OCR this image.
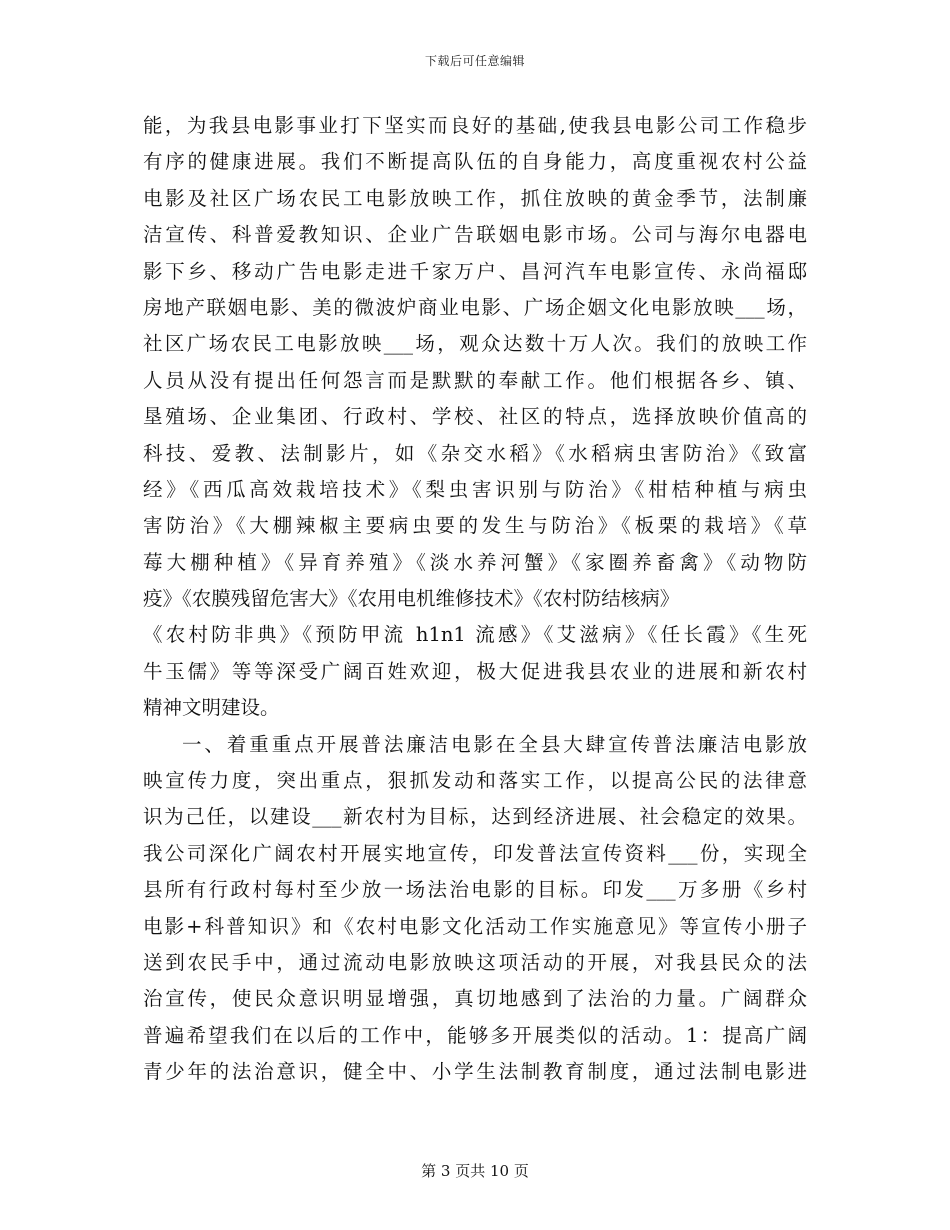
下载后可任意编辑
能，为我县电影事业打下坚实而良好的基础,使我县电影公司工作稳步
有序的健康进展。我们不断提高队伍的自身能力，高度重视农村公益
电影及社区广场农民工电影放映工作，抓住放映的黄金季节，法制廉
洁宣传、科普爱教知识、企业广告联姻电影市场。公司与海尔电器电
影下乡、移动广告电影走进千家万户、昌河汽车电影宣传、永尚福邸
房地产联姻电影、美的微波炉商业电影、广场企姻文化电影放映___场，
社区广场农民工电影放映___场，观众达数十万人次。我们的放映工作
人员从没有提出任何怨言而是默默的奉献工作。他们根据各乡、镇、
垦殖场、企业集团、行政村、学校、社区的特点，选择放映价值高的
科技、爱教、法制影片，如《杂交水稻》《水稻病虫害防治》《致富
经》《西瓜高效栽培技术》《梨虫害识别与防治》《柑桔种植与病虫
害防治》《大棚辣椒主要病虫要的发生与防治》《板栗的栽培》《草
莓大棚种植》《异育养殖》《淡水养河蟹》《家圈养畜禽》《动物防
疫》《农膜残留危害大》《农用电机维修技术》《农村防结核病》
《农村防非典》《预防甲流 h1n1 流感》《艾滋病》《任长霞》《生死
牛玉儒》等等深受广阔百姓欢迎，极大促进我县农业的进展和新农村
精神文明建设。
一、着重重点开展普法廉洁电影在全县大肆宣传普法廉洁电影放
映宣传力度，突出重点，狠抓发动和落实工作，以提高公民的法律意
识为己任，以建设___新农村为目标，达到经济进展、社会稳定的效果。
我公司深化广阔农村开展实地宣传，印发普法宣传资料___份，实现全
县所有行政村每村至少放一场法治电影的目标。印发___万多册《乡村
电影+科普知识》和《农村电影文化活动工作实施意见》等宣传小册子
送到农民手中，通过流动电影放映这项活动的开展，对我县民众的法
治宣传，使民众意识明显增强，真切地感到了法治的力量。广阔群众
普遍希望我们在以后的工作中，能够多开展类似的活动。1：提高广阔
青少年的法治意识，健全中、小学生法制教育制度，通过法制电影进
第 3 页共 10 页
